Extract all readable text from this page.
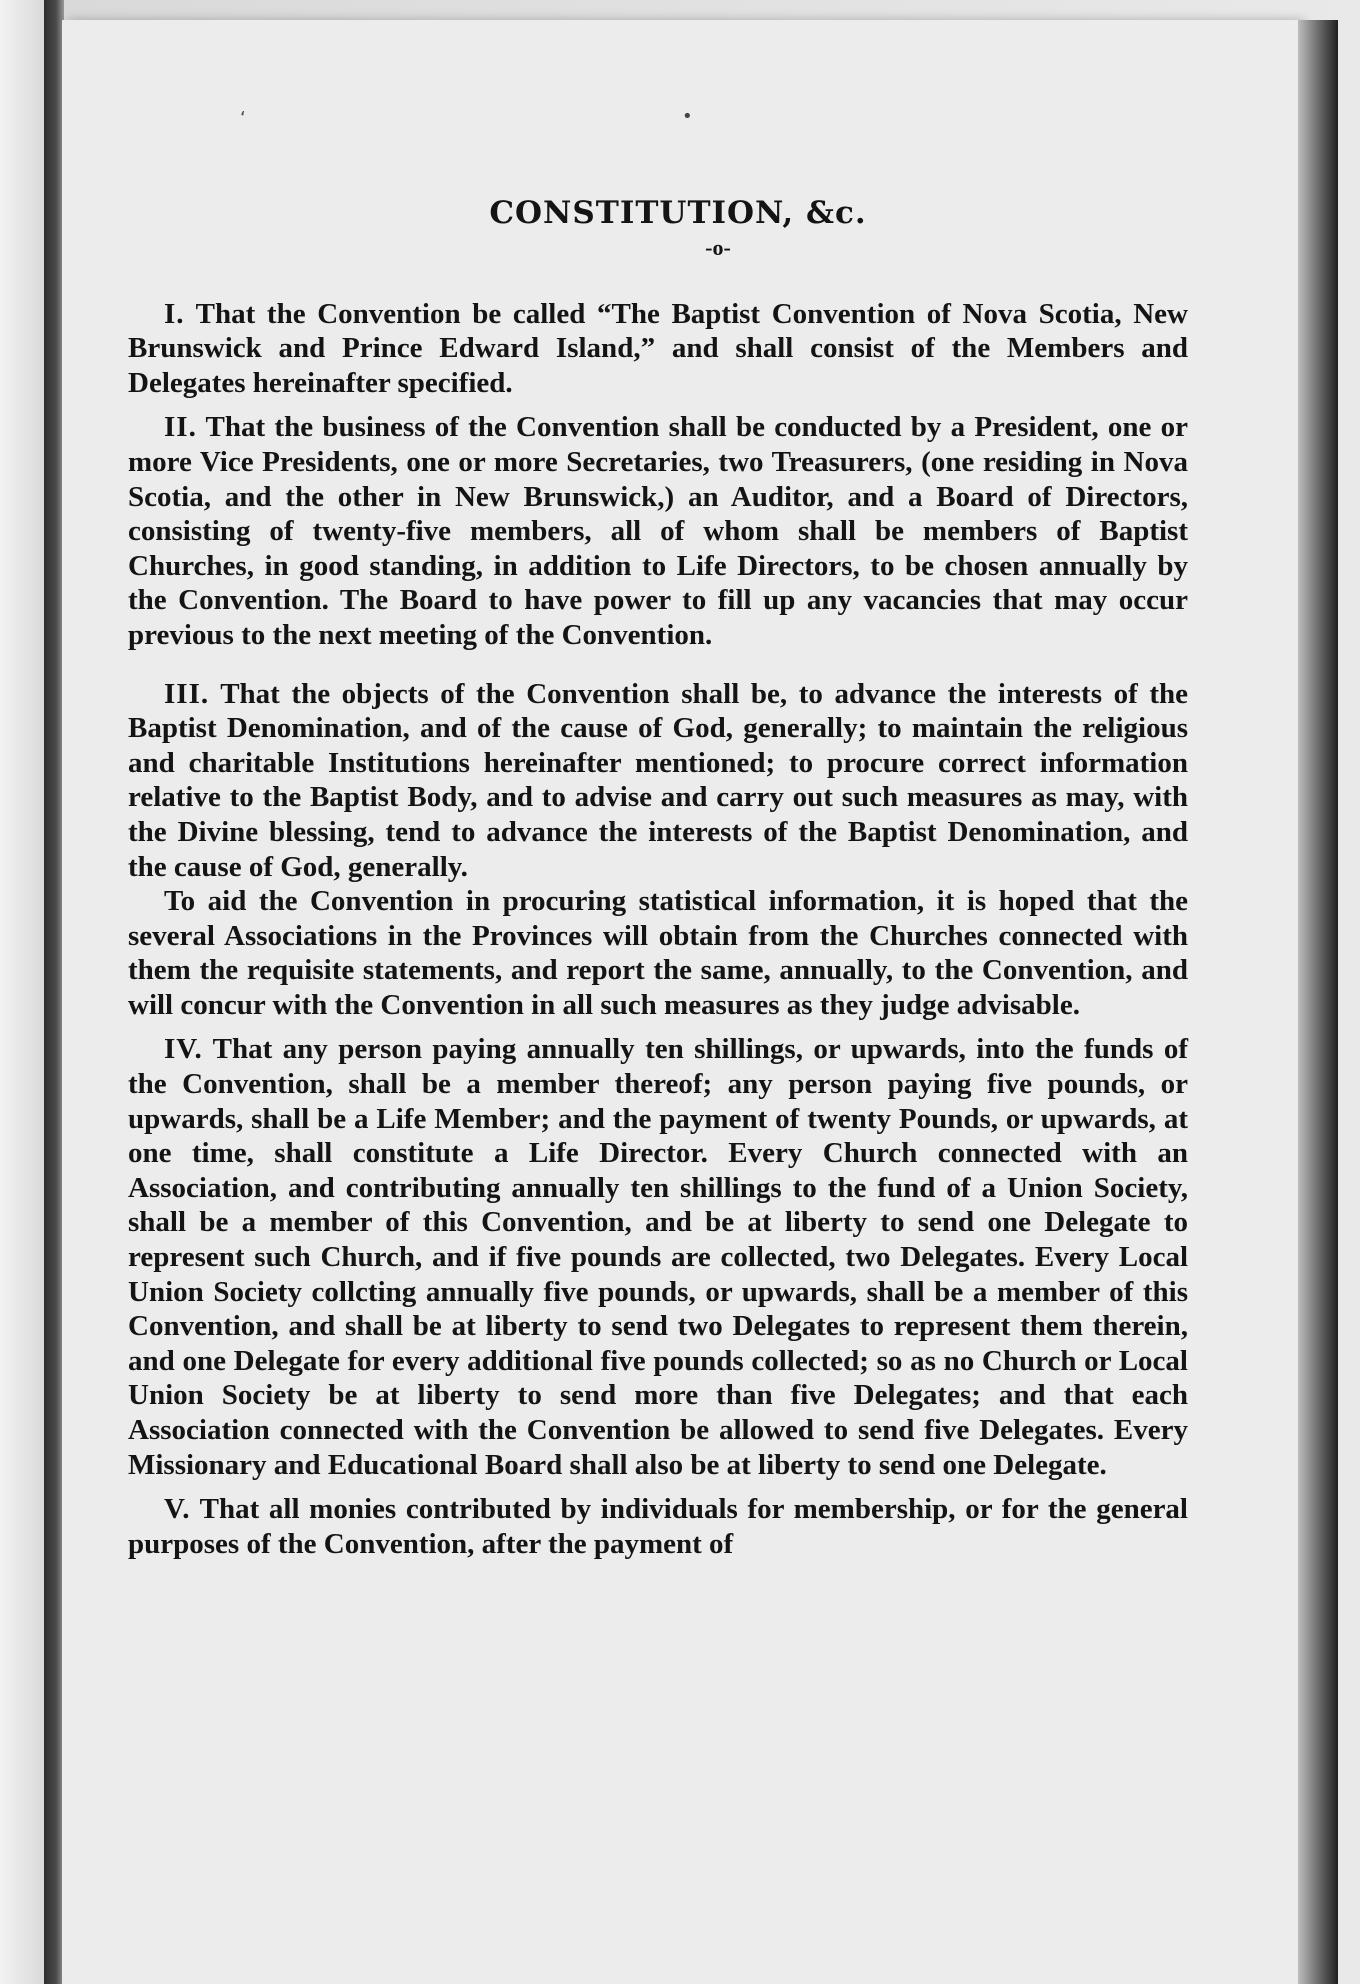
‘	•
CONSTITUTION, &c.
-o-

I. That the Convention be called “The Baptist Convention of Nova Scotia, New Brunswick and Prince Edward Island,” and shall consist of the Members and Delegates hereinafter specified.

II. That the business of the Convention shall be conducted by a President, one or more Vice Presidents, one or more Secretaries, two Treasurers, (one residing in Nova Scotia, and the other in New Brunswick,) an Auditor, and a Board of Directors, consisting of twenty-five members, all of whom shall be members of Baptist Churches, in good standing, in addition to Life Directors, to be chosen annually by the Convention. The Board to have power to fill up any vacancies that may occur previous to the next meeting of the Convention.

III. That the objects of the Convention shall be, to advance the interests of the Baptist Denomination, and of the cause of God, generally; to maintain the religious and charitable Institutions hereinafter mentioned; to procure correct information relative to the Baptist Body, and to advise and carry out such measures as may, with the Divine blessing, tend to advance the interests of the Baptist Denomination, and the cause of God, generally.

To aid the Convention in procuring statistical information, it is hoped that the several Associations in the Provinces will obtain from the Churches connected with them the requisite statements, and report the same, annually, to the Convention, and will concur with the Convention in all such measures as they judge advisable.

IV. That any person paying annually ten shillings, or upwards, into the funds of the Convention, shall be a member thereof; any person paying five pounds, or upwards, shall be a Life Member; and the payment of twenty Pounds, or upwards, at one time, shall constitute a Life Director. Every Church connected with an Association, and contributing annually ten shillings to the fund of a Union Society, shall be a member of this Convention, and be at liberty to send one Delegate to represent such Church, and if five pounds are collected, two Delegates. Every Local Union Society collcting annually five pounds, or upwards, shall be a member of this Convention, and shall be at liberty to send two Delegates to represent them therein, and one Delegate for every additional five pounds collected; so as no Church or Local Union Society be at liberty to send more than five Delegates; and that each Association connected with the Convention be allowed to send five Delegates. Every Missionary and Educational Board shall also be at liberty to send one Delegate.

V. That all monies contributed by individuals for membership, or for the general purposes of the Convention, after the payment of
